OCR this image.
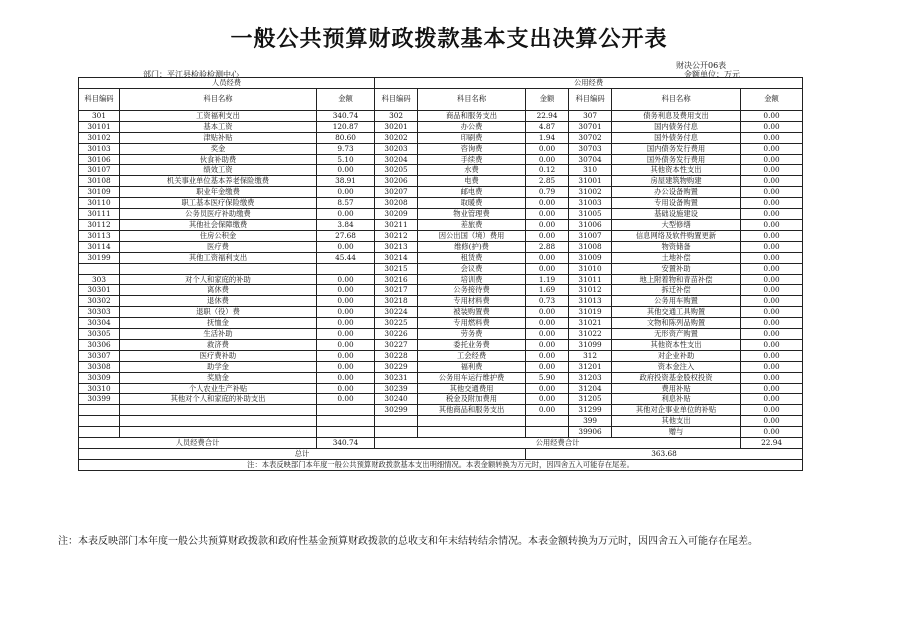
一般公共预算财政拨款基本支出决算公开表
财决公开06表
部门：平江县检验检测中心	金额单位：万元
人员经费			公用经费					
科目编码	科目名称	金额	科目编码	科目名称	金额	科目编码	科目名称	金额
301	工资福利支出	340.74	302	商品和服务支出	22.94	307	债务利息及费用支出	0.00
30101	基本工资	120.87	30201	办公费	4.87	30701	国内债务付息	0.00
30102	津贴补贴	80.60	30202	印刷费	1.94	30702	国外债务付息	0.00
30103	奖金	9.73	30203	咨询费	0.00	30703	国内债务发行费用	0.00
30106	伙食补助费	5.10	30204	手续费	0.00	30704	国外债务发行费用	0.00
30107	绩效工资	0.00	30205	水费	0.12	310	其他资本性支出	0.00
30108	机关事业单位基本养老保险缴费	38.91	30206	电费	2.85	31001	房屋建筑物购建	0.00
30109	职业年金缴费	0.00	30207	邮电费	0.79	31002	办公设备购置	0.00
30110	职工基本医疗保险缴费	8.57	30208	取暖费	0.00	31003	专用设备购置	0.00
30111	公务员医疗补助缴费	0.00	30209	物业管理费	0.00	31005	基础设施建设	0.00
30112	其他社会保障缴费	3.84	30211	差旅费	0.00	31006	大型修缮	0.00
30113	住房公积金	27.68	30212	因公出国（境）费用	0.00	31007	信息网络及软件购置更新	0.00
30114	医疗费	0.00	30213	维修(护)费	2.88	31008	物资储备	0.00
30199	其他工资福利支出	45.44	30214	租赁费	0.00	31009	土地补偿	0.00
			30215	会议费	0.00	31010	安置补助	0.00
303	对个人和家庭的补助	0.00	30216	培训费	1.19	31011	地上附着物和青苗补偿	0.00
30301	离休费	0.00	30217	公务接待费	1.69	31012	拆迁补偿	0.00
30302	退休费	0.00	30218	专用材料费	0.73	31013	公务用车购置	0.00
30303	退职（役）费	0.00	30224	被装购置费	0.00	31019	其他交通工具购置	0.00
30304	抚恤金	0.00	30225	专用燃料费	0.00	31021	文物和陈列品购置	0.00
30305	生活补助	0.00	30226	劳务费	0.00	31022	无形资产购置	0.00
30306	救济费	0.00	30227	委托业务费	0.00	31099	其他资本性支出	0.00
30307	医疗费补助	0.00	30228	工会经费	0.00	312	对企业补助	0.00
30308	助学金	0.00	30229	福利费	0.00	31201	资本金注入	0.00
30309	奖励金	0.00	30231	公务用车运行维护费	5.90	31203	政府投资基金股权投资	0.00
30310	个人农业生产补贴	0.00	30239	其他交通费用	0.00	31204	费用补贴	0.00
30399	其他对个人和家庭的补助支出	0.00	30240	税金及附加费用	0.00	31205	利息补贴	0.00
			30299	其他商品和服务支出	0.00	31299	其他对企事业单位的补贴	0.00
						399	其他支出	0.00
						39906	赠与	0.00
人员经费合计		340.74	公用经费合计					22.94
总计					363.68			
注：本表反映部门本年度一般公共预算财政拨款基本支出明细情况。本表金额转换为万元时，因四舍五入可能存在尾差。								
注：本表反映部门本年度一般公共预算财政拨款和政府性基金预算财政拨款的总收支和年末结转结余情况。本表金额转换为万元时，因四舍五入可能存在尾差。
